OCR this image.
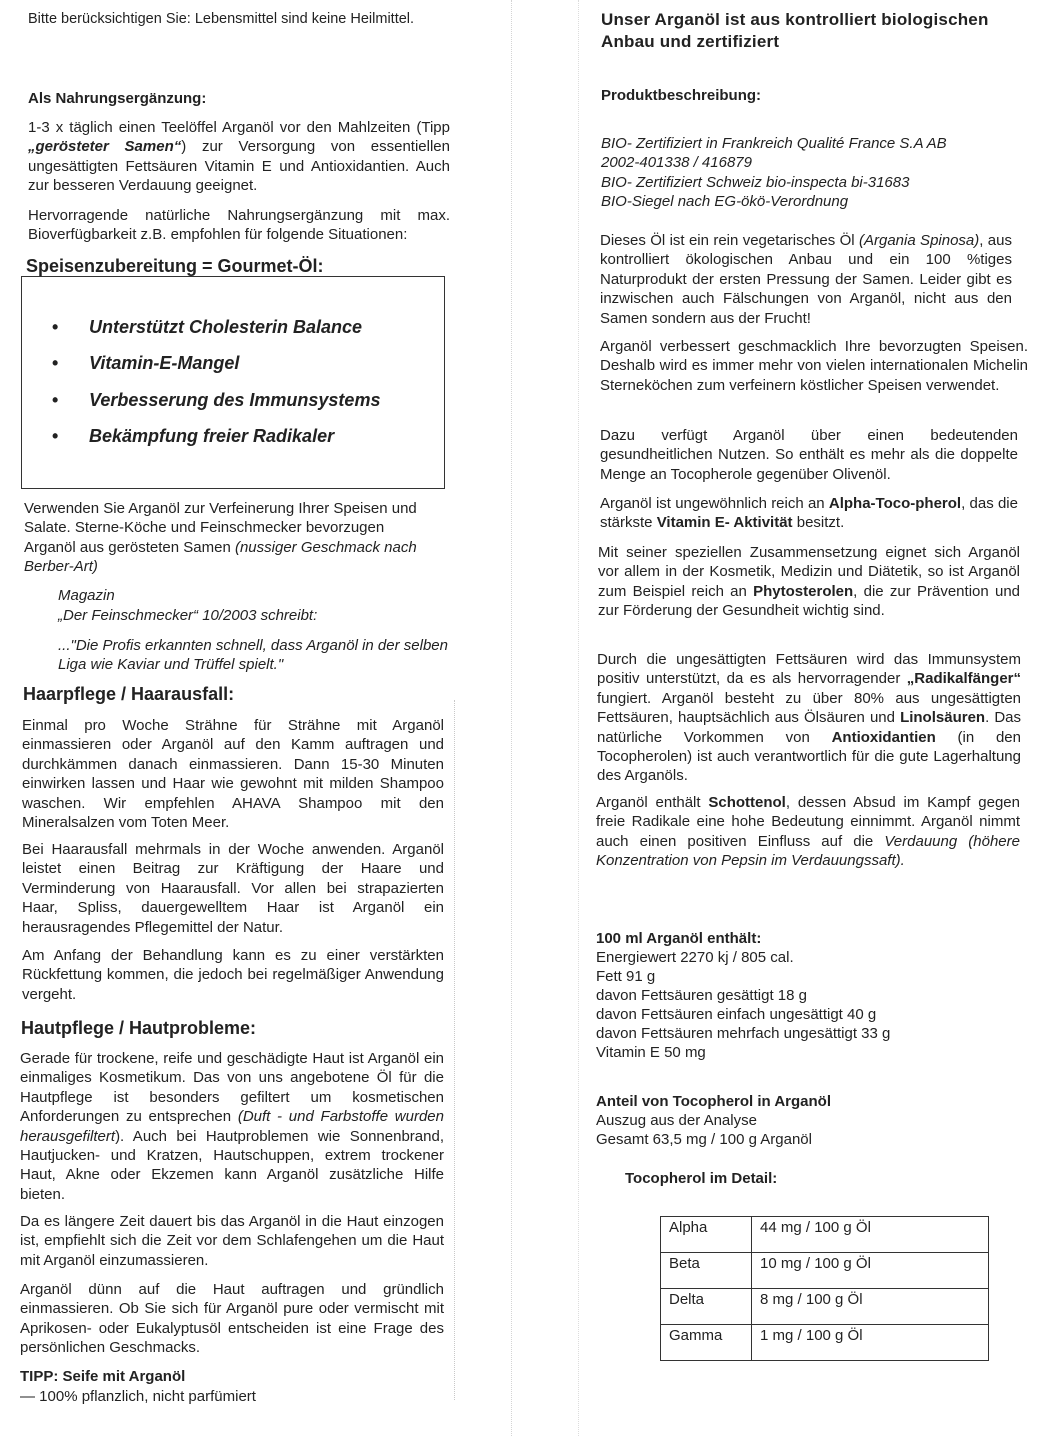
Bitte berücksichtigen Sie: Lebensmittel sind keine Heilmittel.

Als Nahrungsergänzung:

1-3 x täglich einen Teelöffel Arganöl vor den Mahlzeiten (Tipp „gerösteter Samen“) zur Versorgung von essentiellen ungesättigten Fettsäuren Vitamin E und Antioxidantien. Auch zur besseren Verdauung geeignet.

Hervorragende natürliche Nahrungsergänzung mit max. Bioverfügbarkeit z.B. empfohlen für folgende Situationen:

Speisenzubereitung = Gourmet-Öl:
• Unterstützt Cholesterin Balance
• Vitamin-E-Mangel
• Verbesserung des Immunsystems
• Bekämpfung freier Radikaler

Verwenden Sie Arganöl zur Verfeinerung Ihrer Speisen und Salate. Sterne-Köche und Feinschmecker bevorzugen Arganöl aus gerösteten Samen (nussiger Geschmack nach Berber-Art)

Magazin

„Der Feinschmecker“ 10/2003 schreibt:

..."Die Profis erkannten schnell, dass Arganöl in der selben Liga wie Kaviar und Trüffel spielt."

Haarpflege / Haarausfall:

Einmal pro Woche Strähne für Strähne mit Arganöl einmassieren oder Arganöl auf den Kamm auftragen und durchkämmen danach einmassieren. Dann 15-30 Minuten einwirken lassen und Haar wie gewohnt mit milden Shampoo waschen. Wir empfehlen AHAVA Shampoo mit den Mineralsalzen vom Toten Meer.

Bei Haarausfall mehrmals in der Woche anwenden. Arganöl leistet einen Beitrag zur Kräftigung der Haare und Verminderung von Haarausfall. Vor allen bei strapazierten Haar, Spliss, dauergewelltem Haar ist Arganöl ein herausragendes Pflegemittel der Natur.

Am Anfang der Behandlung kann es zu einer verstärkten Rückfettung kommen, die jedoch bei regelmäßiger Anwendung vergeht.

Hautpflege / Hautprobleme:

Gerade für trockene, reife und geschädigte Haut ist Arganöl ein einmaliges Kosmetikum. Das von uns angebotene Öl für die Hautpflege ist besonders gefiltert um kosmetischen Anforderungen zu entsprechen (Duft - und Farbstoffe wurden herausgefiltert). Auch bei Hautproblemen wie Sonnenbrand, Hautjucken- und Kratzen, Hautschuppen, extrem trockener Haut, Akne oder Ekzemen kann Arganöl zusätzliche Hilfe bieten.

Da es längere Zeit dauert bis das Arganöl in die Haut einzogen ist, empfiehlt sich die Zeit vor dem Schlafengehen um die Haut mit Arganöl einzumassieren.

Arganöl dünn auf die Haut auftragen und gründlich einmassieren. Ob Sie sich für Arganöl pure oder vermischt mit Aprikosen- oder Eukalyptusöl entscheiden ist eine Frage des persönlichen Geschmacks.

TIPP: Seife mit Arganöl

— 100% pflanzlich, nicht parfümiert

Unser Arganöl ist aus kontrolliert biologischen Anbau und zertifiziert

Produktbeschreibung:

BIO- Zertifiziert in Frankreich Qualité France S.A AB

2002-401338 / 416879

BIO- Zertifiziert Schweiz bio-inspecta bi-31683

BIO-Siegel nach EG-ökö-Verordnung

Dieses Öl ist ein rein vegetarisches Öl (Argania Spinosa), aus kontrolliert ökologischen Anbau und ein 100 %tiges Naturprodukt der ersten Pressung der Samen. Leider gibt es inzwischen auch Fälschungen von Arganöl, nicht aus den Samen sondern aus der Frucht!

Arganöl verbessert geschmacklich Ihre bevorzugten Speisen. Deshalb wird es immer mehr von vielen internationalen Michelin Sterneköchen zum verfeinern köstlicher Speisen verwendet.

Dazu verfügt Arganöl über einen bedeutenden gesundheitlichen Nutzen. So enthält es mehr als die doppelte Menge an Tocopherole gegenüber Olivenöl.

Arganöl ist ungewöhnlich reich an Alpha-Toco-pherol, das die stärkste Vitamin E- Aktivität besitzt.

Mit seiner speziellen Zusammensetzung eignet sich Arganöl vor allem in der Kosmetik, Medizin und Diätetik, so ist Arganöl zum Beispiel reich an Phytosterolen, die zur Prävention und zur Förderung der Gesundheit wichtig sind.

Durch die ungesättigten Fettsäuren wird das Immunsystem positiv unterstützt, da es als hervorragender „Radikalfänger“ fungiert. Arganöl besteht zu über 80% aus ungesättigten Fettsäuren, hauptsächlich aus Ölsäuren und Linolsäuren. Das natürliche Vorkommen von Antioxidantien (in den Tocopherolen) ist auch verantwortlich für die gute Lagerhaltung des Arganöls.

Arganöl enthält Schottenol, dessen Absud im Kampf gegen freie Radikale eine hohe Bedeutung einnimmt. Arganöl nimmt auch einen positiven Einfluss auf die Verdauung (höhere Konzentration von Pepsin im Verdauungssaft).

100 ml Arganöl enthält:

Energiewert 2270 kj / 805 cal.

Fett 91 g

davon Fettsäuren gesättigt 18 g

davon Fettsäuren einfach ungesättigt 40 g

davon Fettsäuren mehrfach ungesättigt 33 g

Vitamin E 50 mg

Anteil von Tocopherol in Arganöl

Auszug aus der Analyse

Gesamt 63,5 mg / 100 g Arganöl

Tocopherol im Detail:

Alpha	44 mg / 100 g Öl
Beta	10 mg / 100 g Öl
Delta	8 mg / 100 g Öl
Gamma	1 mg / 100 g Öl
